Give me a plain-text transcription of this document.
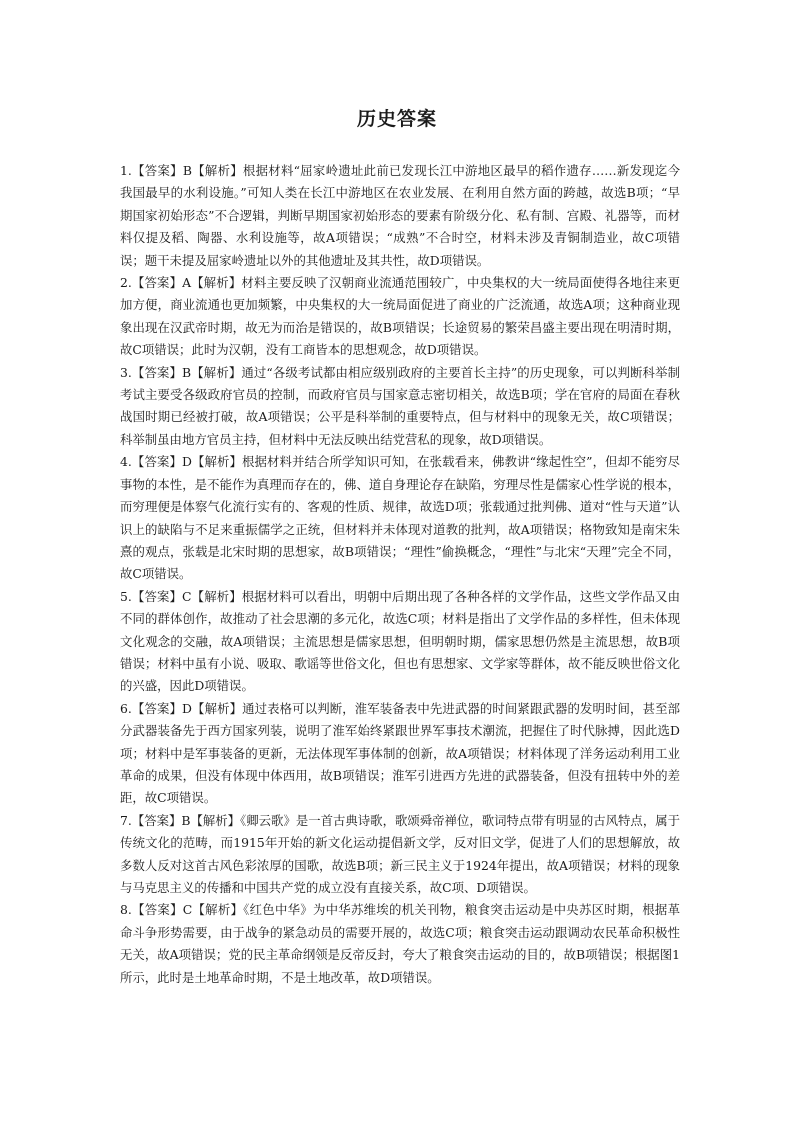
历史答案

1.【答案】B【解析】根据材料“屈家岭遗址此前已发现长江中游地区最早的稻作遗存……新发现迄今我国最早的水利设施。”可知人类在长江中游地区在农业发展、在利用自然方面的跨越，故选B项；“早期国家初始形态”不合逻辑，判断早期国家初始形态的要素有阶级分化、私有制、宫殿、礼器等，而材料仅提及稻、陶器、水利设施等，故A项错误；“成熟”不合时空，材料未涉及青铜制造业，故C项错误；题干未提及屈家岭遗址以外的其他遗址及其共性，故D项错误。

2.【答案】A【解析】材料主要反映了汉朝商业流通范围较广，中央集权的大一统局面使得各地往来更加方便，商业流通也更加频繁，中央集权的大一统局面促进了商业的广泛流通，故选A项；这种商业现象出现在汉武帝时期，故无为而治是错误的，故B项错误；长途贸易的繁荣昌盛主要出现在明清时期，故C项错误；此时为汉朝，没有工商皆本的思想观念，故D项错误。

3.【答案】B【解析】通过“各级考试都由相应级别政府的主要首长主持”的历史现象，可以判断科举制考试主要受各级政府官员的控制，而政府官员与国家意志密切相关，故选B项；学在官府的局面在春秋战国时期已经被打破，故A项错误；公平是科举制的重要特点，但与材料中的现象无关，故C项错误；科举制虽由地方官员主持，但材料中无法反映出结党营私的现象，故D项错误。

4.【答案】D【解析】根据材料并结合所学知识可知，在张载看来，佛教讲“缘起性空”，但却不能穷尽事物的本性，是不能作为真理而存在的，佛、道自身理论存在缺陷，穷理尽性是儒家心性学说的根本，而穷理便是体察气化流行实有的、客观的性质、规律，故选D项；张载通过批判佛、道对“性与天道”认识上的缺陷与不足来重振儒学之正统，但材料并未体现对道教的批判，故A项错误；格物致知是南宋朱熹的观点，张载是北宋时期的思想家，故B项错误；“理性”偷换概念，“理性”与北宋“天理”完全不同，故C项错误。

5.【答案】C【解析】根据材料可以看出，明朝中后期出现了各种各样的文学作品，这些文学作品又由不同的群体创作，故推动了社会思潮的多元化，故选C项；材料是指出了文学作品的多样性，但未体现文化观念的交融，故A项错误；主流思想是儒家思想，但明朝时期，儒家思想仍然是主流思想，故B项错误；材料中虽有小说、吸取、歌谣等世俗文化，但也有思想家、文学家等群体，故不能反映世俗文化的兴盛，因此D项错误。

6.【答案】D【解析】通过表格可以判断，淮军装备表中先进武器的时间紧跟武器的发明时间，甚至部分武器装备先于西方国家列装，说明了淮军始终紧跟世界军事技术潮流，把握住了时代脉搏，因此选D项；材料中是军事装备的更新，无法体现军事体制的创新，故A项错误；材料体现了洋务运动利用工业革命的成果，但没有体现中体西用，故B项错误；淮军引进西方先进的武器装备，但没有扭转中外的差距，故C项错误。

7.【答案】B【解析】《卿云歌》是一首古典诗歌，歌颂舜帝禅位，歌词特点带有明显的古风特点，属于传统文化的范畴，而1915年开始的新文化运动提倡新文学，反对旧文学，促进了人们的思想解放，故多数人反对这首古风色彩浓厚的国歌，故选B项；新三民主义于1924年提出，故A项错误；材料的现象与马克思主义的传播和中国共产党的成立没有直接关系，故C项、D项错误。

8.【答案】C【解析】《红色中华》为中华苏维埃的机关刊物，粮食突击运动是中央苏区时期，根据革命斗争形势需要，由于战争的紧急动员的需要开展的，故选C项；粮食突击运动跟调动农民革命积极性无关，故A项错误；党的民主革命纲领是反帝反封，夸大了粮食突击运动的目的，故B项错误；根据图1所示，此时是土地革命时期，不是土地改革，故D项错误。
